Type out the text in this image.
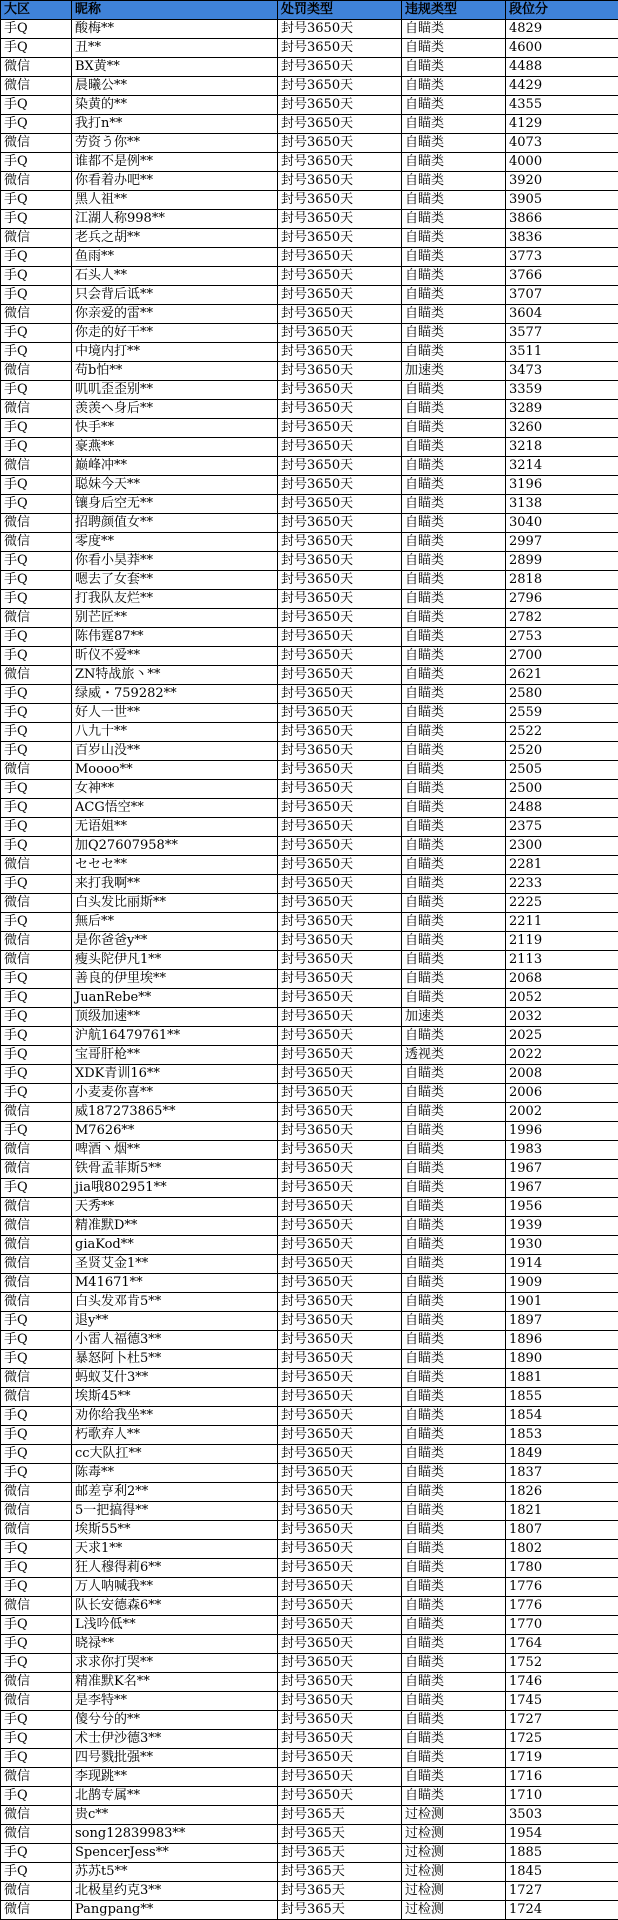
大区	昵称	处罚类型	违规类型	段位分
手Q	酸梅**	封号3650天	自瞄类	4829
手Q	丑**	封号3650天	自瞄类	4600
微信	BX黄**	封号3650天	自瞄类	4488
微信	晨曦公**	封号3650天	自瞄类	4429
手Q	染黄的**	封号3650天	自瞄类	4355
手Q	我打n**	封号3650天	自瞄类	4129
微信	劳资う你**	封号3650天	自瞄类	4073
手Q	谁都不是例**	封号3650天	自瞄类	4000
微信	你看着办吧**	封号3650天	自瞄类	3920
手Q	黑人祖**	封号3650天	自瞄类	3905
手Q	江湖人称998**	封号3650天	自瞄类	3866
微信	老兵之胡**	封号3650天	自瞄类	3836
手Q	鱼雨**	封号3650天	自瞄类	3773
手Q	石头人**	封号3650天	自瞄类	3766
手Q	只会背后诋**	封号3650天	自瞄类	3707
微信	你亲爱的雷**	封号3650天	自瞄类	3604
手Q	你走的好干**	封号3650天	自瞄类	3577
手Q	中境内打**	封号3650天	自瞄类	3511
微信	苟b怕**	封号3650天	加速类	3473
手Q	叽叽歪歪别**	封号3650天	自瞄类	3359
微信	羡羡ヘ身后**	封号3650天	自瞄类	3289
手Q	快手**	封号3650天	自瞄类	3260
手Q	豪燕**	封号3650天	自瞄类	3218
微信	巅峰冲**	封号3650天	自瞄类	3214
手Q	聪妹今天**	封号3650天	自瞄类	3196
手Q	镶身后空无**	封号3650天	自瞄类	3138
微信	招聘颜值女**	封号3650天	自瞄类	3040
微信	零度**	封号3650天	自瞄类	2997
手Q	你看小昊莽**	封号3650天	自瞄类	2899
手Q	嗯去了女套**	封号3650天	自瞄类	2818
手Q	打我队友烂**	封号3650天	自瞄类	2796
微信	别芒匠**	封号3650天	自瞄类	2782
手Q	陈伟霆87**	封号3650天	自瞄类	2753
手Q	昕仪不爱**	封号3650天	自瞄类	2700
微信	ZN特战旅丶**	封号3650天	自瞄类	2621
手Q	绿威・759282**	封号3650天	自瞄类	2580
手Q	好人一世**	封号3650天	自瞄类	2559
手Q	八九十**	封号3650天	自瞄类	2522
手Q	百岁山没**	封号3650天	自瞄类	2520
微信	Moooo**	封号3650天	自瞄类	2505
手Q	女神**	封号3650天	自瞄类	2500
手Q	ACG悟空**	封号3650天	自瞄类	2488
手Q	无语姐**	封号3650天	自瞄类	2375
手Q	加Q27607958**	封号3650天	自瞄类	2300
微信	セセセ**	封号3650天	自瞄类	2281
手Q	来打我啊**	封号3650天	自瞄类	2233
微信	白头发比丽斯**	封号3650天	自瞄类	2225
手Q	無后**	封号3650天	自瞄类	2211
微信	是你爸爸y**	封号3650天	自瞄类	2119
微信	瘦头陀伊凡1**	封号3650天	自瞄类	2113
手Q	善良的伊里埃**	封号3650天	自瞄类	2068
手Q	JuanRebe**	封号3650天	自瞄类	2052
手Q	顶级加速**	封号3650天	加速类	2032
手Q	沪航16479761**	封号3650天	自瞄类	2025
手Q	宝哥肝枪**	封号3650天	透视类	2022
手Q	XDK青训16**	封号3650天	自瞄类	2008
手Q	小麦麦你喜**	封号3650天	自瞄类	2006
微信	威187273865**	封号3650天	自瞄类	2002
手Q	M7626**	封号3650天	自瞄类	1996
微信	啤酒丶烟**	封号3650天	自瞄类	1983
微信	铁骨孟菲斯5**	封号3650天	自瞄类	1967
手Q	jia哦802951**	封号3650天	自瞄类	1967
微信	天秀**	封号3650天	自瞄类	1956
微信	精准默D**	封号3650天	自瞄类	1939
微信	giaKod**	封号3650天	自瞄类	1930
微信	圣贤艾金1**	封号3650天	自瞄类	1914
微信	M41671**	封号3650天	自瞄类	1909
微信	白头发邓肯5**	封号3650天	自瞄类	1901
手Q	退y**	封号3650天	自瞄类	1897
手Q	小雷人福德3**	封号3650天	自瞄类	1896
手Q	暴怒阿卜杜5**	封号3650天	自瞄类	1890
微信	蚂蚁艾什3**	封号3650天	自瞄类	1881
微信	埃斯45**	封号3650天	自瞄类	1855
手Q	劝你给我坐**	封号3650天	自瞄类	1854
手Q	朽歌弃人**	封号3650天	自瞄类	1853
手Q	cc大队扛**	封号3650天	自瞄类	1849
手Q	陈毒**	封号3650天	自瞄类	1837
微信	邮差亨利2**	封号3650天	自瞄类	1826
微信	5一把搞得**	封号3650天	自瞄类	1821
微信	埃斯55**	封号3650天	自瞄类	1807
手Q	天求1**	封号3650天	自瞄类	1802
手Q	狂人穆得莉6**	封号3650天	自瞄类	1780
手Q	万人呐喊我**	封号3650天	自瞄类	1776
微信	队长安德森6**	封号3650天	自瞄类	1776
手Q	L浅吟低**	封号3650天	自瞄类	1770
手Q	晓禄**	封号3650天	自瞄类	1764
手Q	求求你打哭**	封号3650天	自瞄类	1752
微信	精准默K名**	封号3650天	自瞄类	1746
微信	是李特**	封号3650天	自瞄类	1745
手Q	傻兮兮的**	封号3650天	自瞄类	1727
手Q	术士伊沙德3**	封号3650天	自瞄类	1725
手Q	四号戮批强**	封号3650天	自瞄类	1719
微信	李现跳**	封号3650天	自瞄类	1716
手Q	北鹊专属**	封号3650天	自瞄类	1710
微信	贵c**	封号365天	过检测	3503
微信	song12839983**	封号365天	过检测	1954
手Q	SpencerJess**	封号365天	过检测	1885
手Q	苏苏t5**	封号365天	过检测	1845
微信	北极星约克3**	封号365天	过检测	1727
微信	Pangpang**	封号365天	过检测	1724
